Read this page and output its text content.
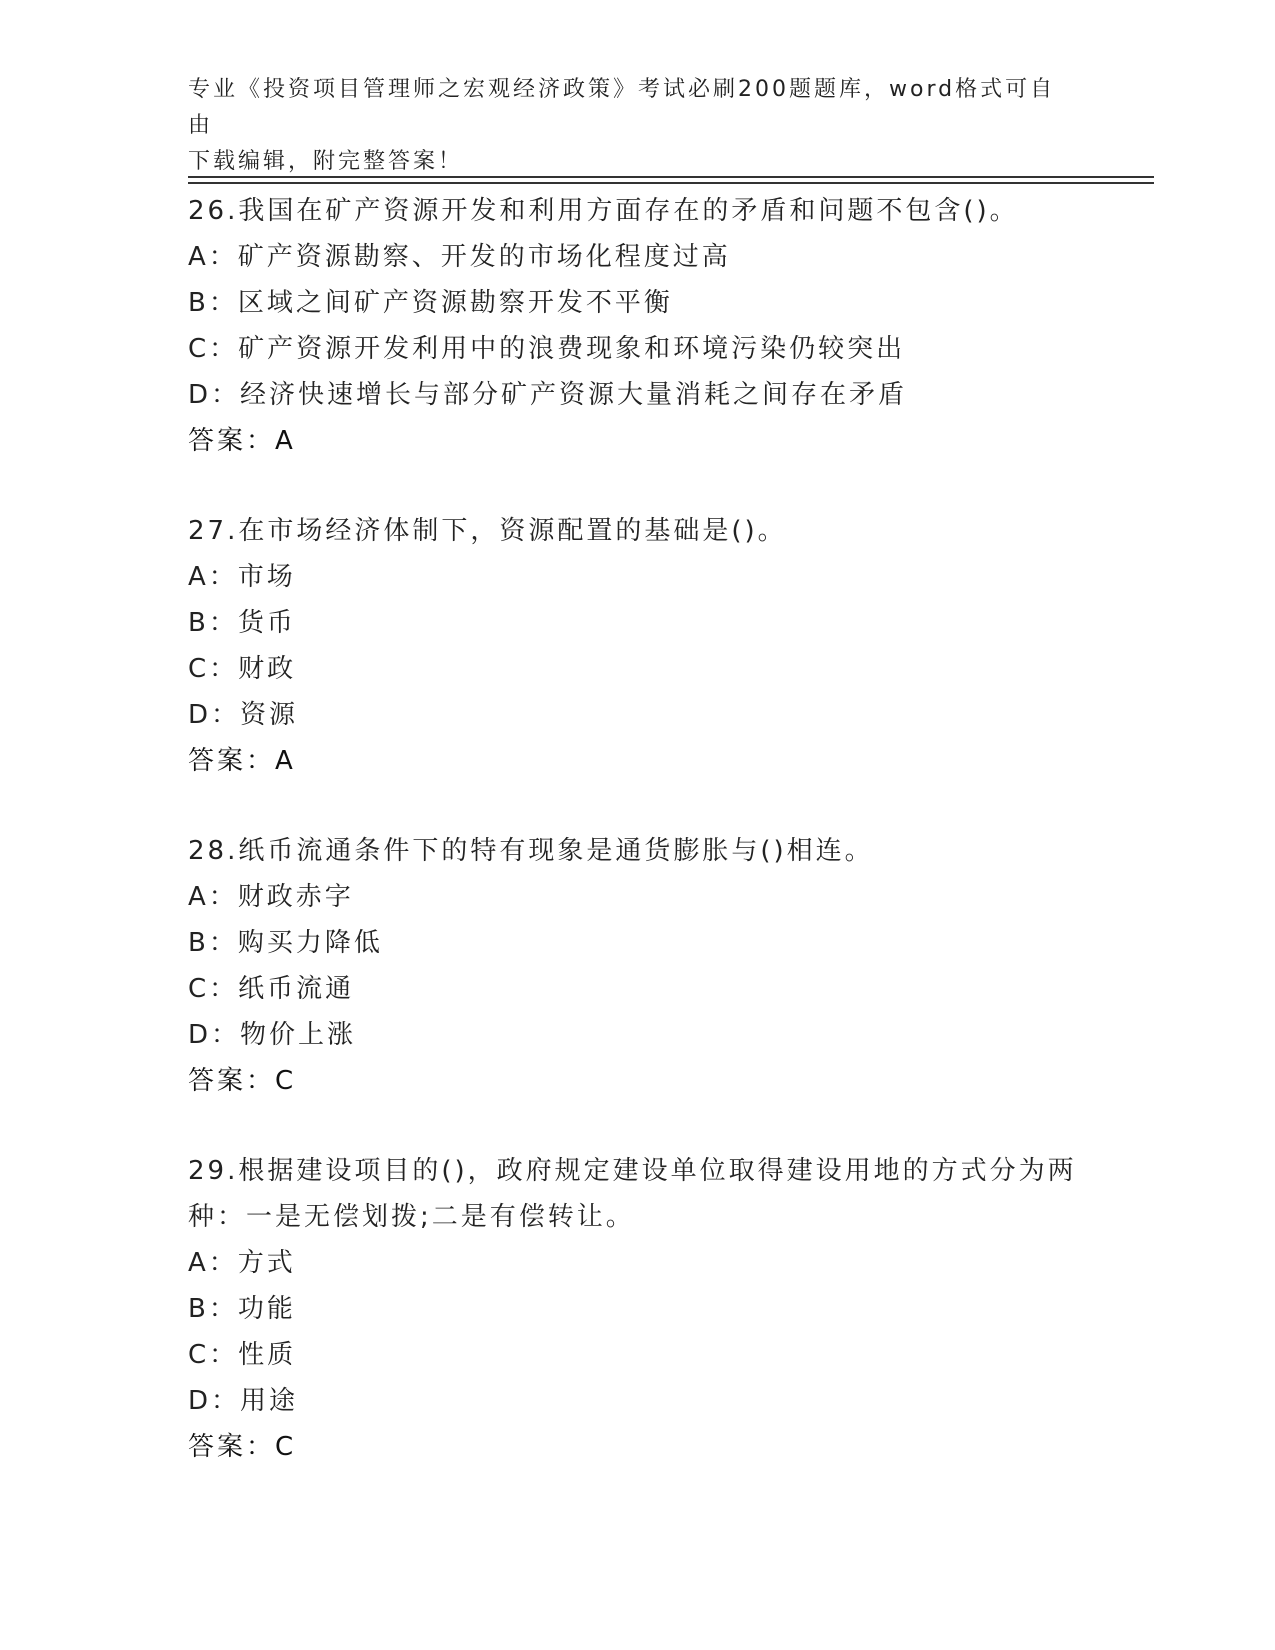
专业《投资项目管理师之宏观经济政策》考试必刷200题题库，word格式可自由
下载编辑，附完整答案！
26.我国在矿产资源开发和利用方面存在的矛盾和问题不包含()。
A：矿产资源勘察、开发的市场化程度过高
B：区域之间矿产资源勘察开发不平衡
C：矿产资源开发利用中的浪费现象和环境污染仍较突出
D：经济快速增长与部分矿产资源大量消耗之间存在矛盾
答案：A
27.在市场经济体制下，资源配置的基础是()。
A：市场
B：货币
C：财政
D：资源
答案：A
28.纸币流通条件下的特有现象是通货膨胀与()相连。
A：财政赤字
B：购买力降低
C：纸币流通
D：物价上涨
答案：C
29.根据建设项目的()，政府规定建设单位取得建设用地的方式分为两种：一是无偿划拨;二是有偿转让。
A：方式
B：功能
C：性质
D：用途
答案：C
